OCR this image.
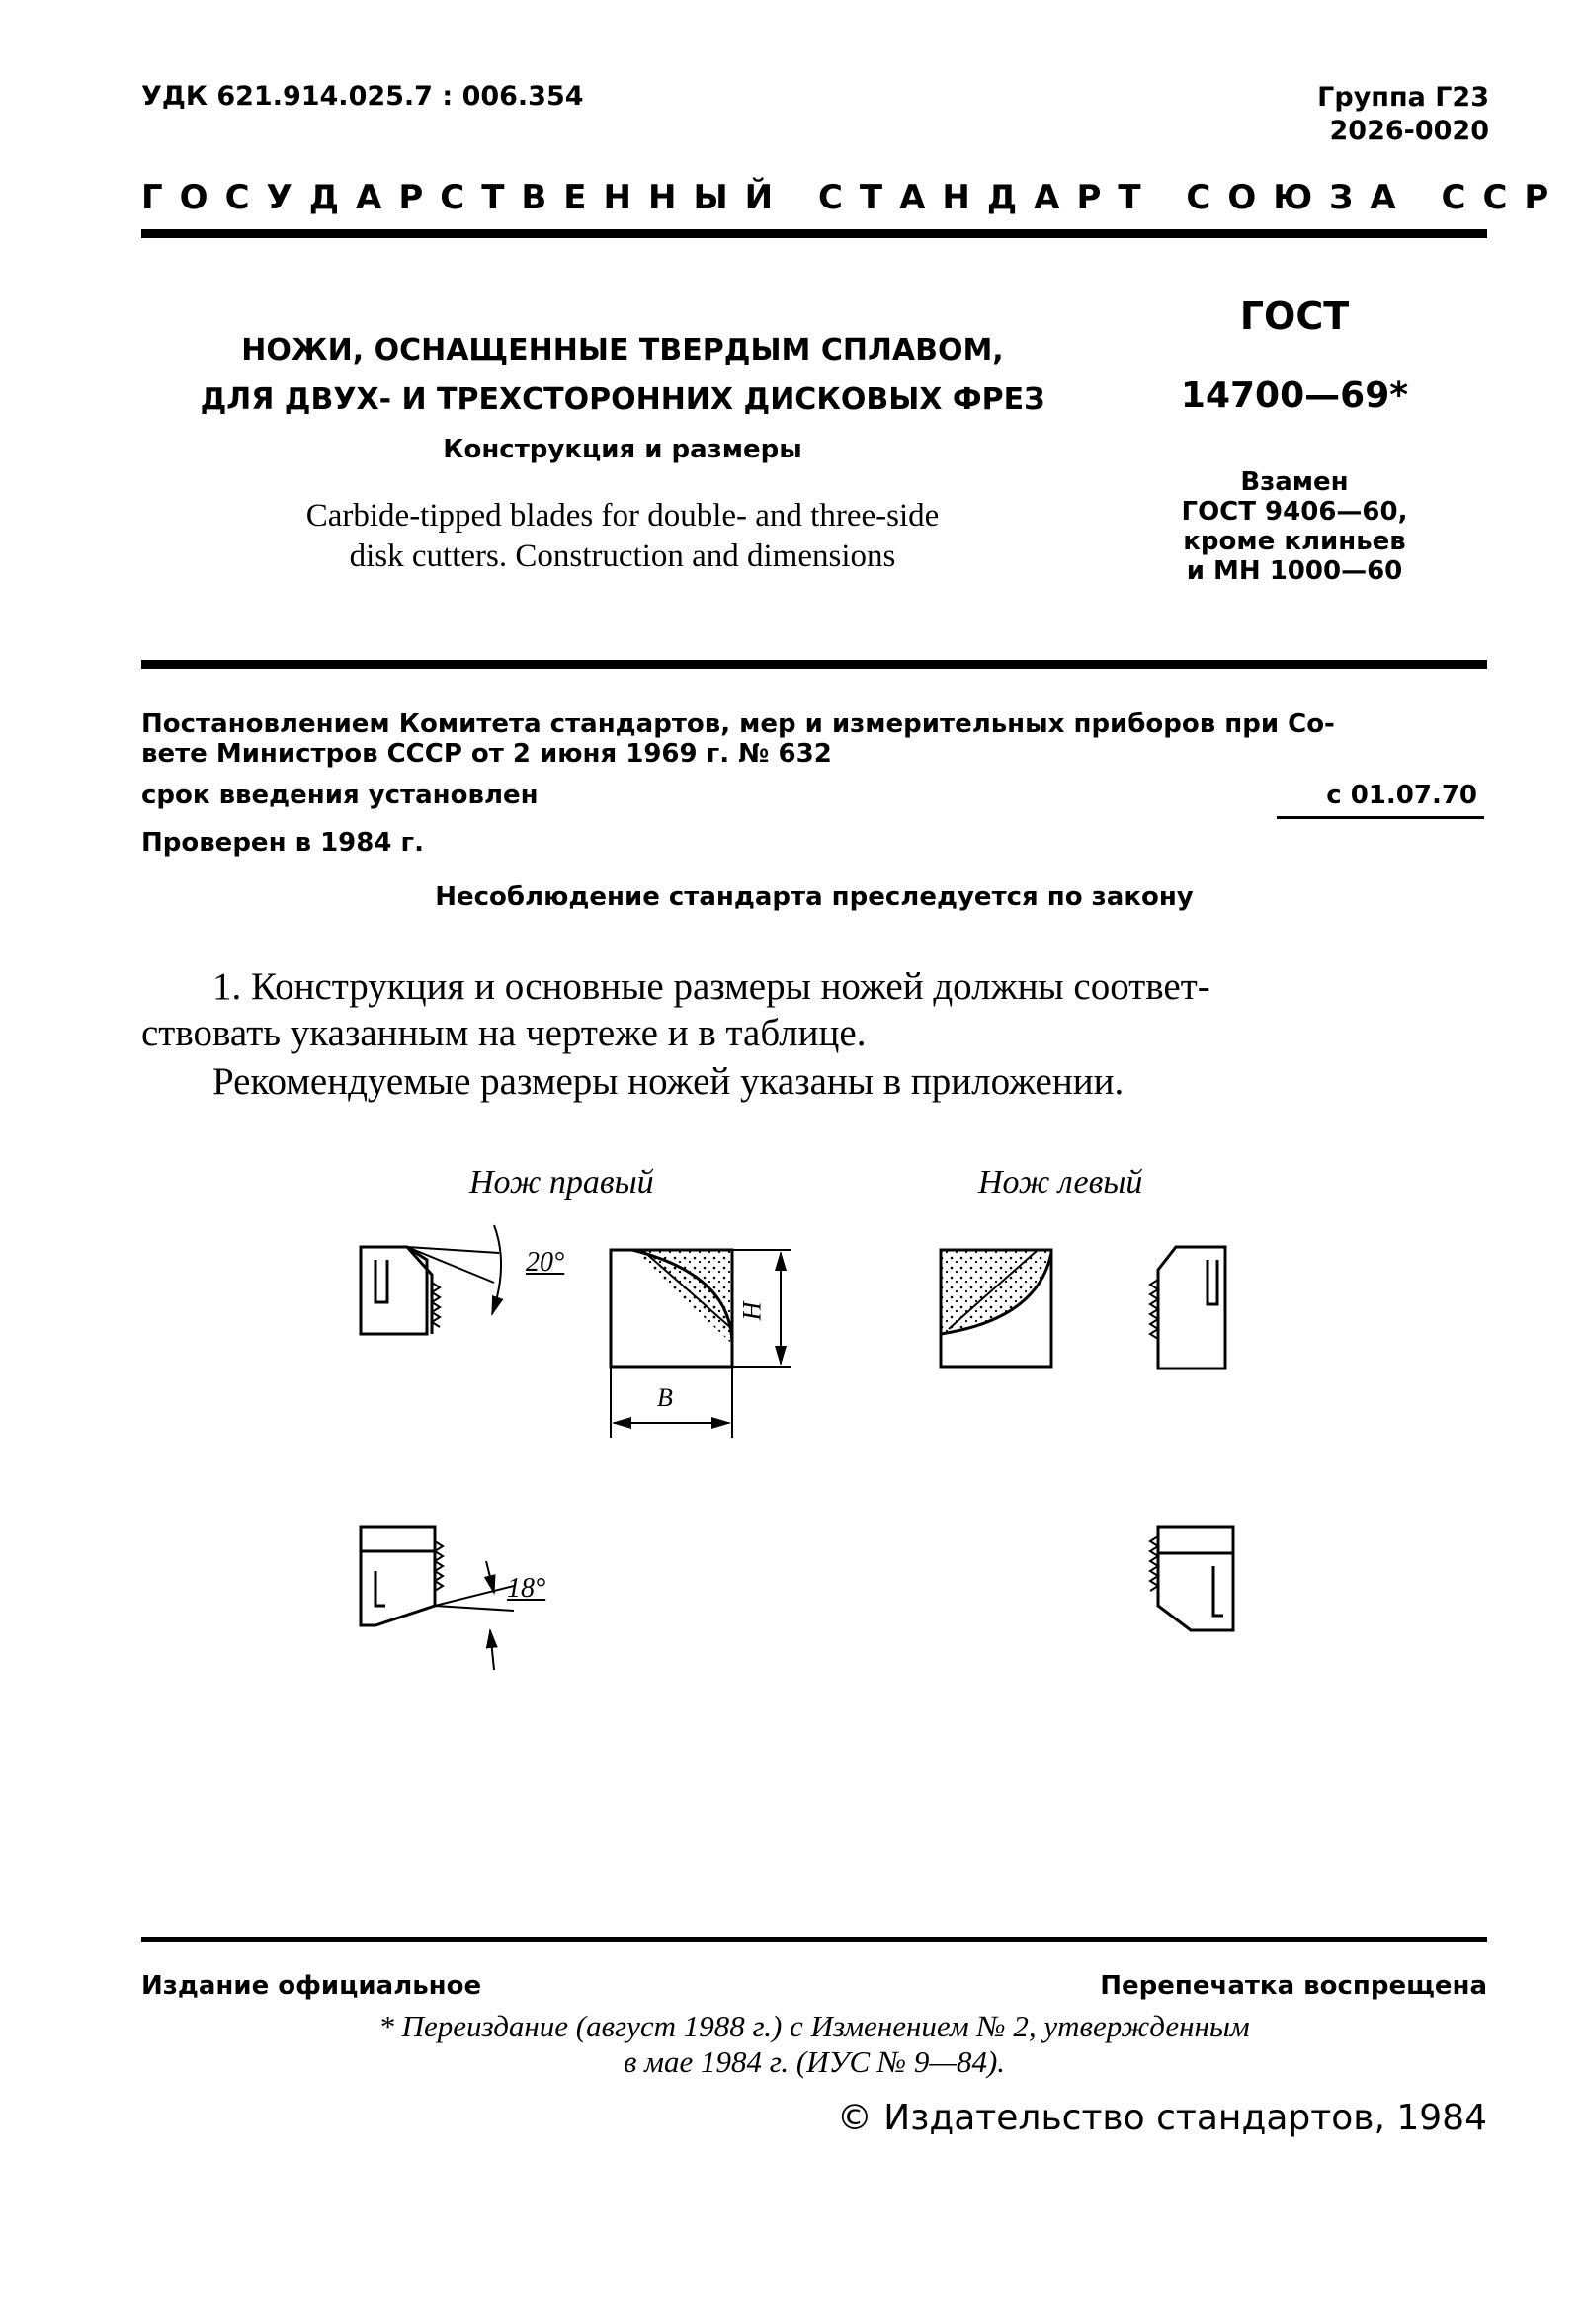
УДК 621.914.025.7 : 006.354	Группа Г23
2026-0020
ГОСУДАРСТВЕННЫЙ СТАНДАРТ СОЮЗА ССР
НОЖИ, ОСНАЩЕННЫЕ ТВЕРДЫМ СПЛАВОМ,
ДЛЯ ДВУХ- И ТРЕХСТОРОННИХ ДИСКОВЫХ ФРЕЗ
Конструкция и размеры
Carbide-tipped blades for double- and three-side
disk cutters. Construction and dimensions
ГОСТ
14700—69*
Взамен
ГОСТ 9406—60,
кроме клиньев
и МН 1000—60
Постановлением Комитета стандартов, мер и измерительных приборов при Со-
вете Министров СССР от 2 июня 1969 г. № 632
срок введения установлен	с 01.07.70
Проверен в 1984 г.
Несоблюдение стандарта преследуется по закону
1. Конструкция и основные размеры ножей должны соответ-
ствовать указанным на чертеже и в таблице.
Рекомендуемые размеры ножей указаны в приложении.
Нож правый	Нож левый
20°
18°
H
B
Издание официальное	Перепечатка воспрещена
* Переиздание (август 1988 г.) с Изменением № 2, утвержденным
в мае 1984 г. (ИУС № 9—84).
© Издательство стандартов, 1984
